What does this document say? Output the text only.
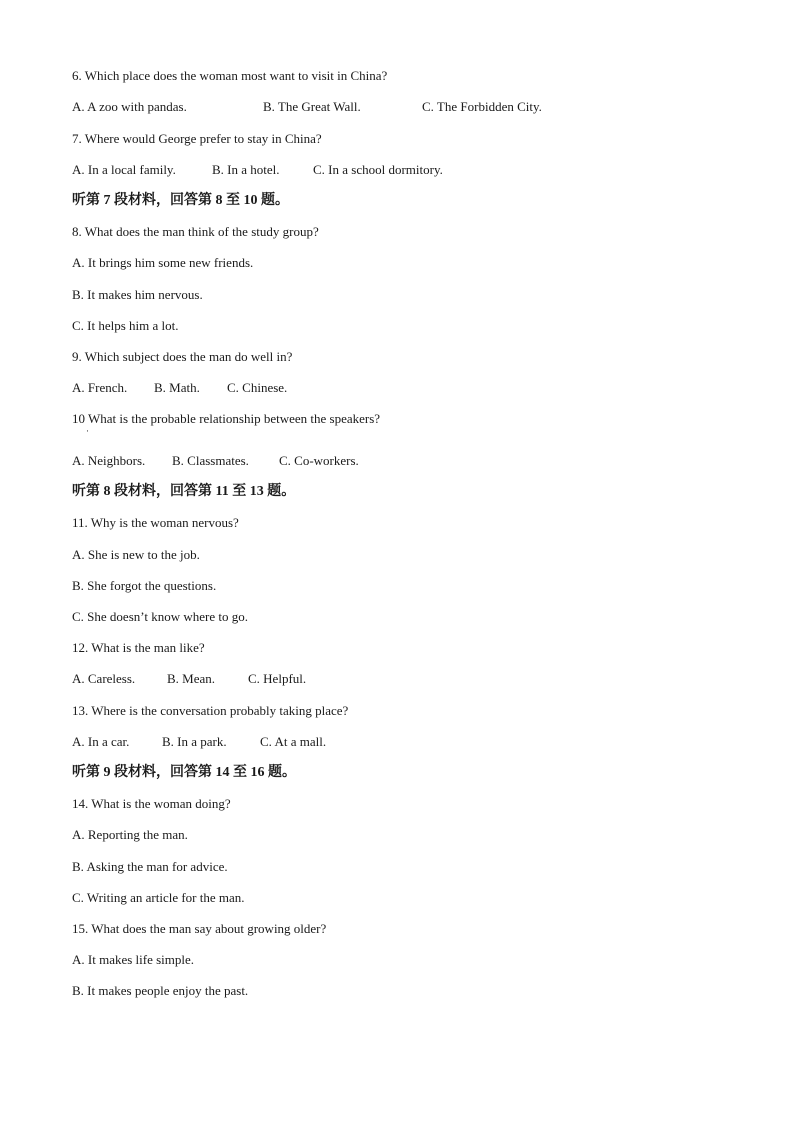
6. Which place does the woman most want to visit in China?
A. A zoo with pandas.	B. The Great Wall.	C. The Forbidden City.
7. Where would George prefer to stay in China?
A. In a local family.	B. In a hotel.	C. In a school dormitory.
听第 7 段材料，回答第 8 至 10 题。
8. What does the man think of the study group?
A. It brings him some new friends.
B. It makes him nervous.
C. It helps him a lot.
9. Which subject does the man do well in?
A. French. B. Math. C. Chinese.
10 What is the probable relationship between the speakers?
·
A. Neighbors. B. Classmates. C. Co-workers.
听第 8 段材料，回答第 11 至 13 题。
11. Why is the woman nervous?
A. She is new to the job.
B. She forgot the questions.
C. She doesn’t know where to go.
12. What is the man like?
A. Careless. B. Mean.	C. Helpful.
13. Where is the conversation probably taking place?
A. In a car.	B. In a park.	C. At a mall.
听第 9 段材料，回答第 14 至 16 题。
14. What is the woman doing?
A. Reporting the man.
B. Asking the man for advice.
C. Writing an article for the man.
15. What does the man say about growing older?
A. It makes life simple.
B. It makes people enjoy the past.
